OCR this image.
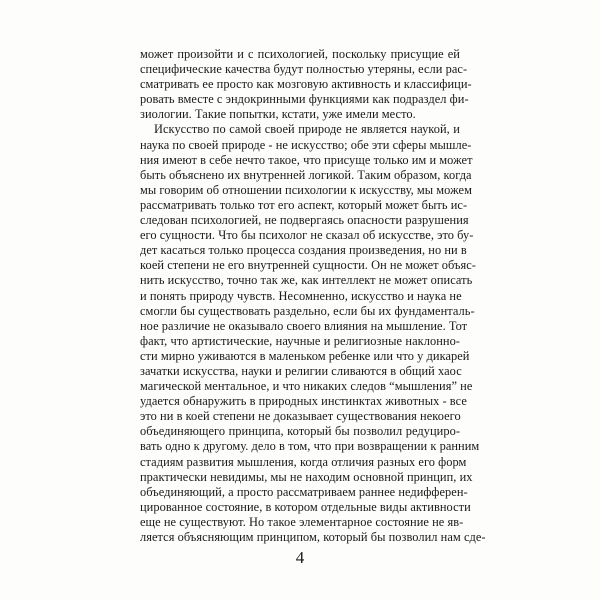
может произойти и с психологией, поскольку присущие ей
специфические качества будут полностью утеряны, если рас-
сматривать ее просто как мозговую активность и классифици-
ровать вместе с эндокринными функциями как подраздел фи-
зиологии. Такие попытки, кстати, уже имели место.
Искусство по самой своей природе не является наукой, и
наука по своей природе - не искусство; обе эти сферы мышле-
ния имеют в себе нечто такое, что присуще только им и может
быть объяснено их внутренней логикой. Таким образом, когда
мы говорим об отношении психологии к искусству, мы можем
рассматривать только тот его аспект, который может быть ис-
следован психологией, не подвергаясь опасности разрушения
его сущности. Что бы психолог не сказал об искусстве, это бу-
дет касаться только процесса создания произведения, но ни в
коей степени не его внутренней сущности. Он не может объяс-
нить искусство, точно так же, как интеллект не может описать
и понять природу чувств. Несомненно, искусство и наука не
смогли бы существовать раздельно, если бы их фундаменталь-
ное различие не оказывало своего влияния на мышление. Тот
факт, что артистические, научные и религиозные наклонно-
сти мирно уживаются в маленьком ребенке или что у дикарей
зачатки искусства, науки и религии сливаются в общий хаос
магической ментальное, и что никаких следов “мышления” не
удается обнаружить в природных инстинктах животных - все
это ни в коей степени не доказывает существования некоего
объединяющего принципа, который бы позволил редуциро-
вать одно к другому. дело в том, что при возвращении к ранним
стадиям развития мышления, когда отличия разных его форм
практически невидимы, мы не находим основной принцип, их
объединяющий, а просто рассматриваем раннее недифферен-
цированное состояние, в котором отдельные виды активности
еще не существуют. Но такое элементарное состояние не яв-
ляется объясняющим принципом, который бы позволил нам сде-
4
